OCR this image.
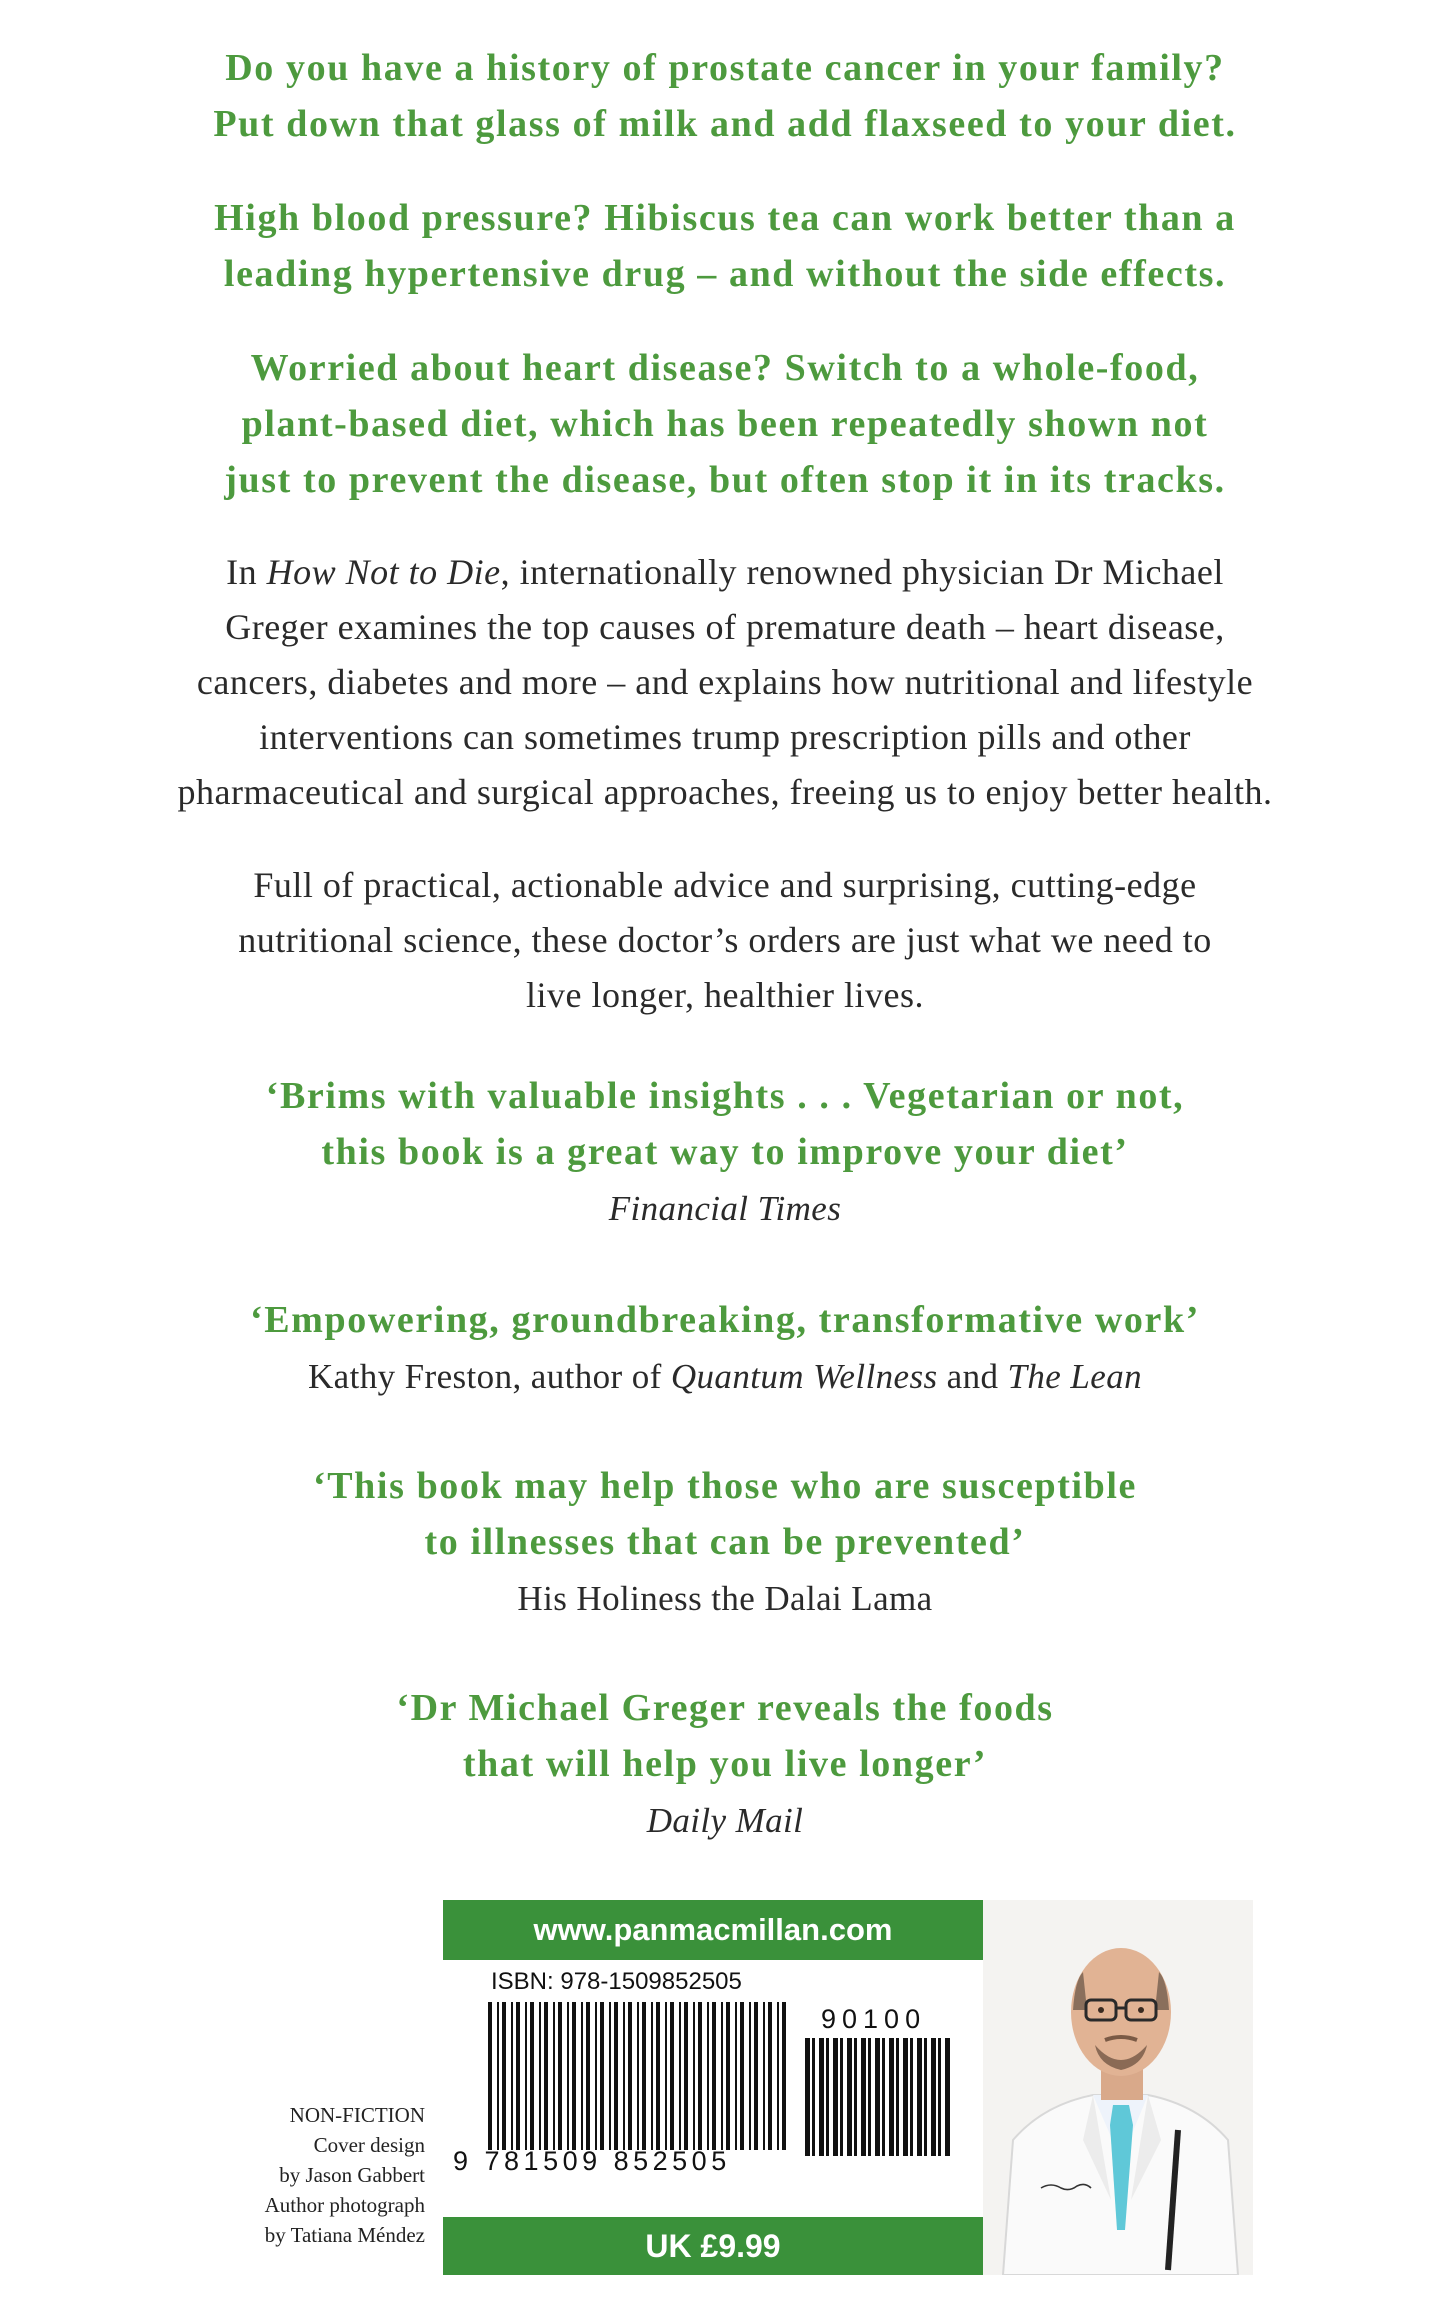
Do you have a history of prostate cancer in your family?
Put down that glass of milk and add flaxseed to your diet.
High blood pressure? Hibiscus tea can work better than a
leading hypertensive drug – and without the side effects.
Worried about heart disease? Switch to a whole-food,
plant-based diet, which has been repeatedly shown not
just to prevent the disease, but often stop it in its tracks.
In How Not to Die, internationally renowned physician Dr Michael
Greger examines the top causes of premature death – heart disease,
cancers, diabetes and more – and explains how nutritional and lifestyle
interventions can sometimes trump prescription pills and other
pharmaceutical and surgical approaches, freeing us to enjoy better health.
Full of practical, actionable advice and surprising, cutting-edge
nutritional science, these doctor’s orders are just what we need to
live longer, healthier lives.
‘Brims with valuable insights . . . Vegetarian or not,
this book is a great way to improve your diet’
Financial Times
‘Empowering, groundbreaking, transformative work’
Kathy Freston, author of Quantum Wellness and The Lean
‘This book may help those who are susceptible
to illnesses that can be prevented’
His Holiness the Dalai Lama
‘Dr Michael Greger reveals the foods
that will help you live longer’
Daily Mail
NON-FICTION
Cover design
by Jason Gabbert
Author photograph
by Tatiana Méndez
www.panmacmillan.com
ISBN: 978-1509852505
9 781509 852505
90100
UK £9.99
